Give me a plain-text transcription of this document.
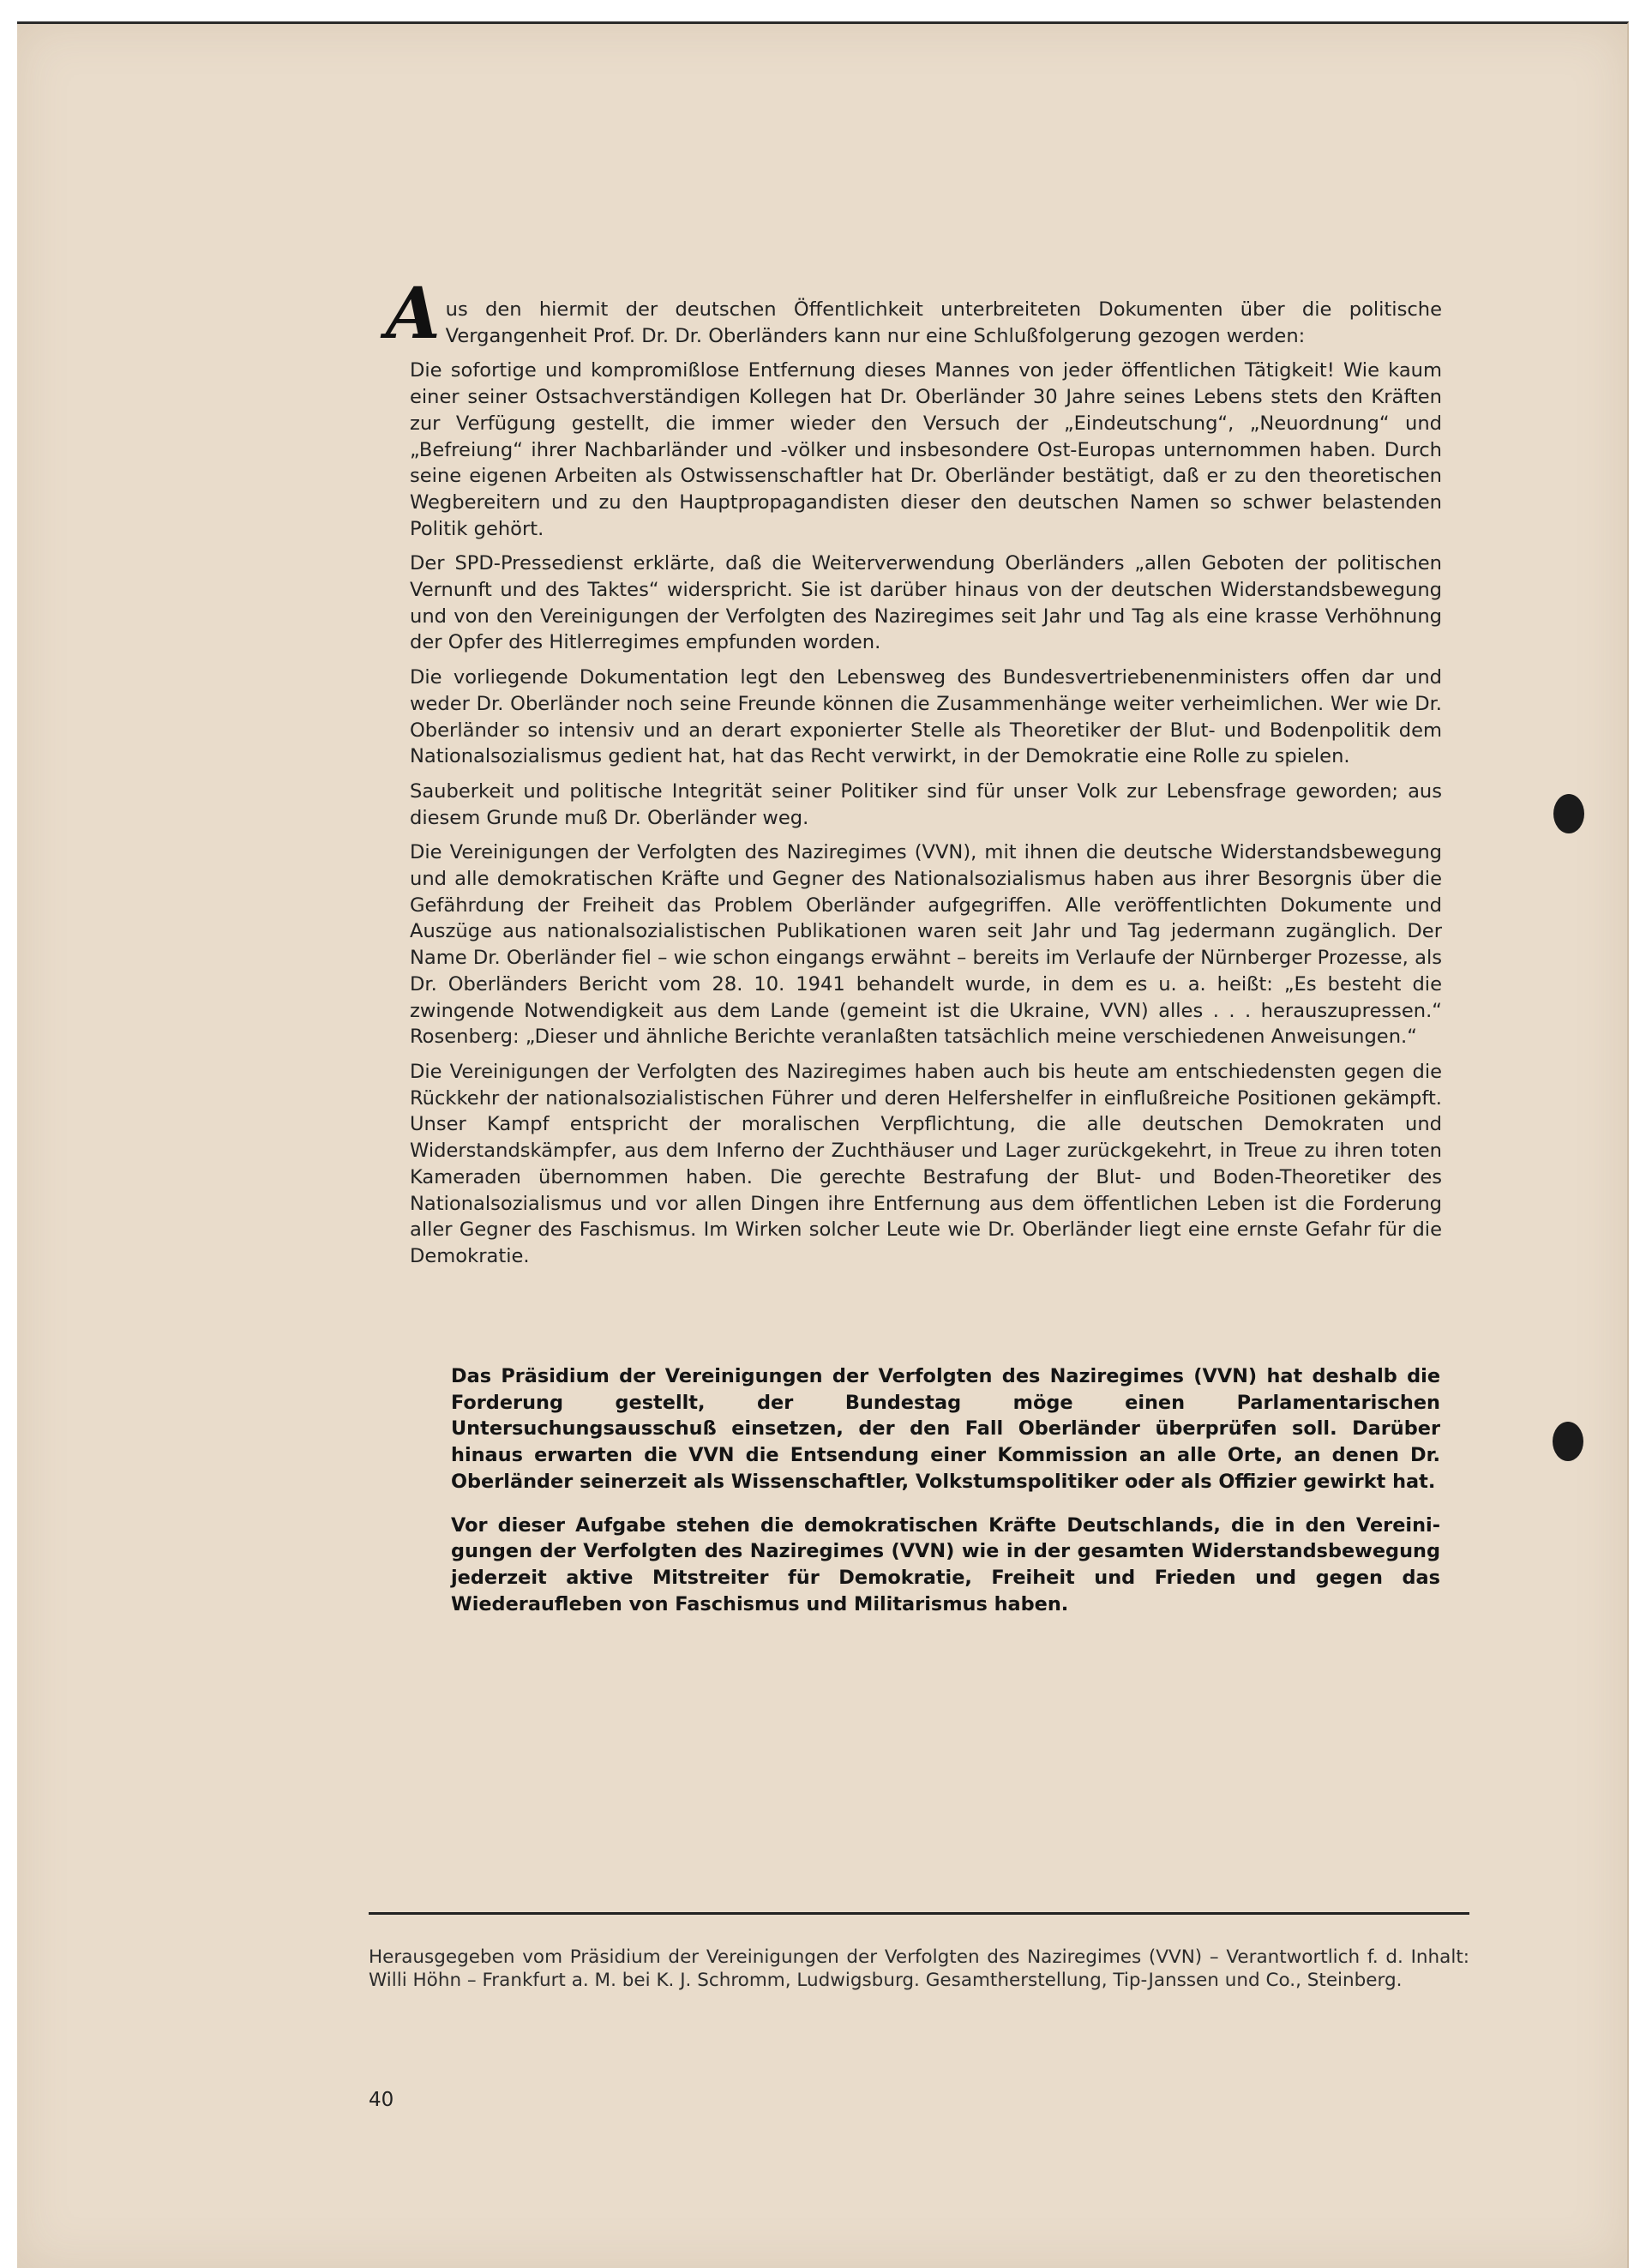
Aus den hiermit der deutschen Öffentlichkeit unterbreiteten Dokumenten über die politische Vergangenheit Prof. Dr. Dr. Oberländers kann nur eine Schlußfolgerung gezogen werden:

Die sofortige und kompromißlose Entfernung dieses Mannes von jeder öffentlichen Tätigkeit! Wie kaum einer seiner Ostsachverständigen Kollegen hat Dr. Oberländer 30 Jahre seines Lebens stets den Kräften zur Verfügung gestellt, die immer wieder den Versuch der „Eindeutschung“, „Neuordnung“ und „Befreiung“ ihrer Nachbarländer und -völker und insbesondere Ost-Europas unternommen haben. Durch seine eigenen Arbeiten als Ostwissenschaftler hat Dr. Oberländer bestätigt, daß er zu den theoretischen Wegbereitern und zu den Hauptpropagandisten dieser den deutschen Namen so schwer belastenden Politik gehört.

Der SPD-Pressedienst erklärte, daß die Weiterverwendung Oberländers „allen Geboten der politischen Vernunft und des Taktes“ widerspricht. Sie ist darüber hinaus von der deutschen Widerstandsbewegung und von den Vereinigungen der Verfolgten des Naziregimes seit Jahr und Tag als eine krasse Verhöhnung der Opfer des Hitlerregimes empfunden worden.

Die vorliegende Dokumentation legt den Lebensweg des Bundesvertriebenenministers offen dar und weder Dr. Oberländer noch seine Freunde können die Zusammenhänge weiter verheimlichen. Wer wie Dr. Oberländer so intensiv und an derart exponierter Stelle als Theoretiker der Blut- und Bodenpolitik dem Nationalsozialismus gedient hat, hat das Recht verwirkt, in der Demokratie eine Rolle zu spielen.

Sauberkeit und politische Integrität seiner Politiker sind für unser Volk zur Lebensfrage geworden; aus diesem Grunde muß Dr. Oberländer weg.

Die Vereinigungen der Verfolgten des Naziregimes (VVN), mit ihnen die deutsche Widerstandsbewegung und alle demokratischen Kräfte und Gegner des Nationalsozialismus haben aus ihrer Besorgnis über die Gefährdung der Freiheit das Problem Oberländer aufgegriffen. Alle veröffentlichten Dokumente und Auszüge aus nationalsozialistischen Publikationen waren seit Jahr und Tag jedermann zugänglich. Der Name Dr. Oberländer fiel – wie schon eingangs erwähnt – bereits im Verlaufe der Nürnberger Prozesse, als Dr. Oberländers Bericht vom 28. 10. 1941 behandelt wurde, in dem es u. a. heißt: „Es besteht die zwingende Notwendigkeit aus dem Lande (gemeint ist die Ukraine, VVN) alles . . . herauszupressen.“ Rosenberg: „Dieser und ähnliche Berichte veranlaßten tatsächlich meine verschiedenen Anweisungen.“

Die Vereinigungen der Verfolgten des Naziregimes haben auch bis heute am entschiedensten gegen die Rückkehr der nationalsozialistischen Führer und deren Helfershelfer in einflußreiche Positionen gekämpft. Unser Kampf entspricht der moralischen Verpflichtung, die alle deutschen Demokraten und Widerstandskämpfer, aus dem Inferno der Zuchthäuser und Lager zurückgekehrt, in Treue zu ihren toten Kameraden übernommen haben. Die gerechte Bestrafung der Blut- und Boden-Theoretiker des Nationalsozialismus und vor allen Dingen ihre Entfernung aus dem öffentlichen Leben ist die Forderung aller Gegner des Faschismus. Im Wirken solcher Leute wie Dr. Oberländer liegt eine ernste Gefahr für die Demokratie.

Das Präsidium der Vereinigungen der Verfolgten des Naziregimes (VVN) hat deshalb die Forderung gestellt, der Bundestag möge einen Parlamentarischen Untersuchungsausschuß einsetzen, der den Fall Oberländer überprüfen soll. Darüber hinaus erwarten die VVN die Entsendung einer Kommission an alle Orte, an denen Dr. Oberländer seinerzeit als Wissenschaftler, Volkstumspolitiker oder als Offizier gewirkt hat.

Vor dieser Aufgabe stehen die demokratischen Kräfte Deutschlands, die in den Vereinigungen der Verfolgten des Naziregimes (VVN) wie in der gesamten Widerstandsbewegung jederzeit aktive Mitstreiter für Demokratie, Freiheit und Frieden und gegen das Wiederaufleben von Faschismus und Militarismus haben.

Herausgegeben vom Präsidium der Vereinigungen der Verfolgten des Naziregimes (VVN) – Verantwortlich f. d. Inhalt: Willi Höhn – Frankfurt a. M. bei K. J. Schromm, Ludwigsburg. Gesamtherstellung, Tip-Janssen und Co., Steinberg.
40
